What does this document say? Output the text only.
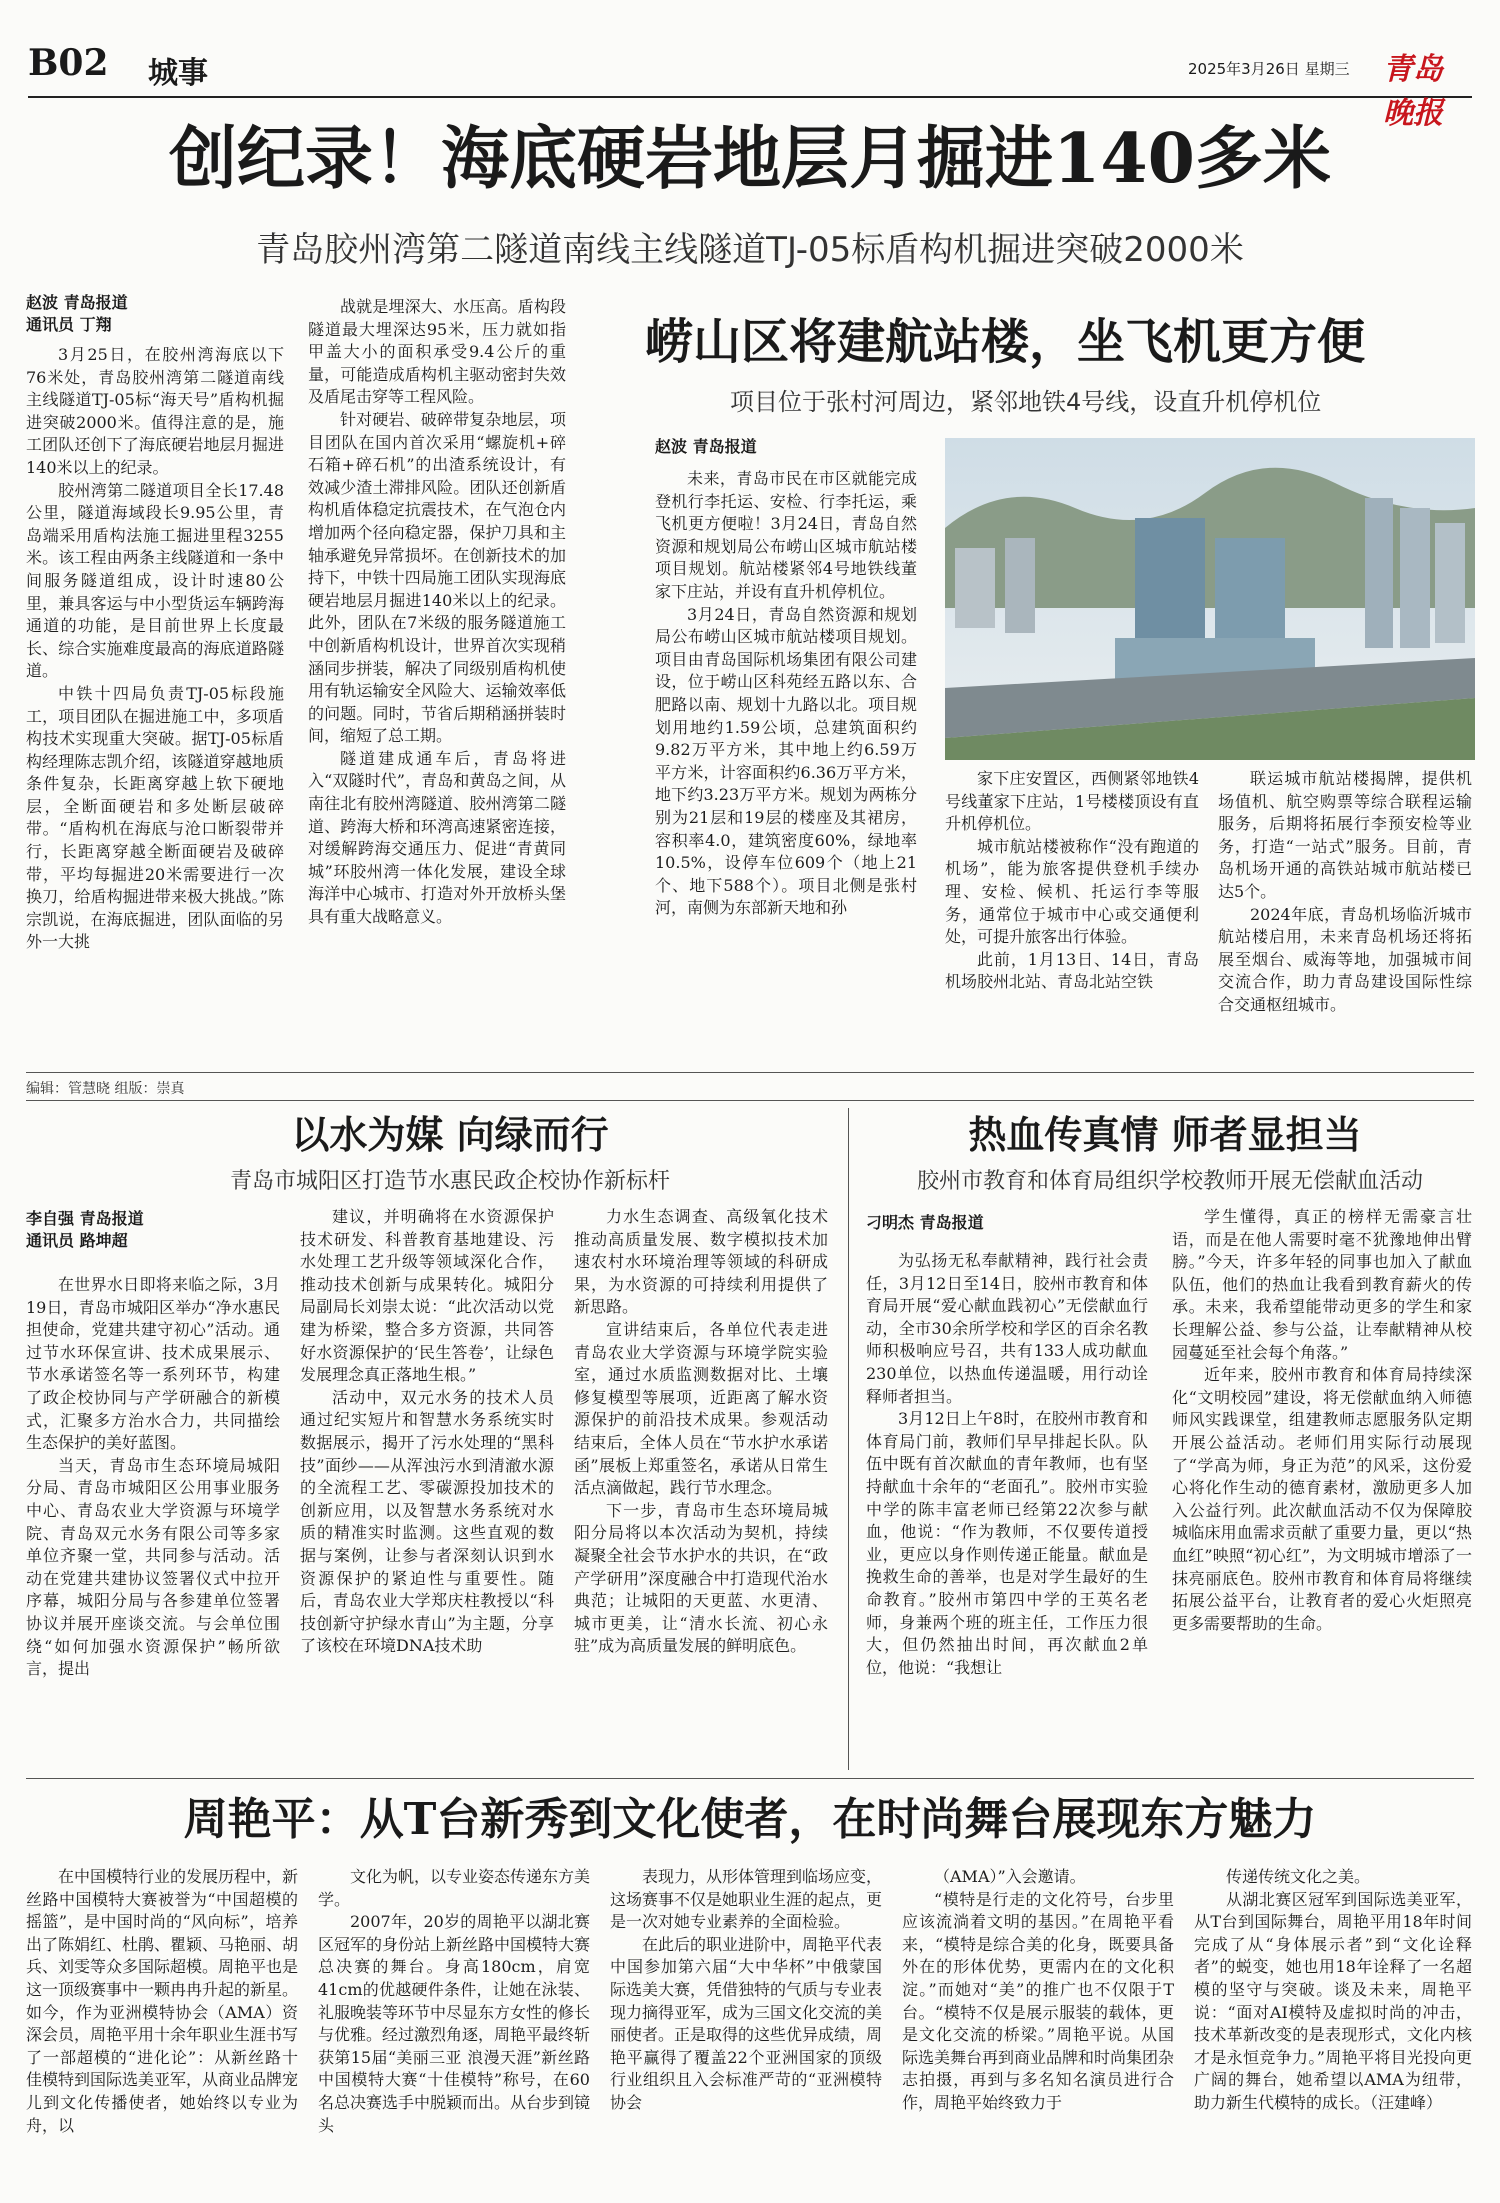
B02 城事	2025年3月26日 星期三 青岛晚报
创纪录！海底硬岩地层月掘进140多米
青岛胶州湾第二隧道南线主线隧道TJ-05标盾构机掘进突破2000米
赵波 青岛报道
通讯员 丁翔

3月25日，在胶州湾海底以下76米处，青岛胶州湾第二隧道南线主线隧道TJ-05标“海天号”盾构机掘进突破2000米。值得注意的是，施工团队还创下了海底硬岩地层月掘进140米以上的纪录。

胶州湾第二隧道项目全长17.48公里，隧道海域段长9.95公里，青岛端采用盾构法施工掘进里程3255米。该工程由两条主线隧道和一条中间服务隧道组成，设计时速80公里，兼具客运与中小型货运车辆跨海通道的功能，是目前世界上长度最长、综合实施难度最高的海底道路隧道。

中铁十四局负责TJ-05标段施工，项目团队在掘进施工中，多项盾构技术实现重大突破。据TJ-05标盾构经理陈志凯介绍，该隧道穿越地质条件复杂，长距离穿越上软下硬地层，全断面硬岩和多处断层破碎带。“盾构机在海底与沧口断裂带并行，长距离穿越全断面硬岩及破碎带，平均每掘进20米需要进行一次换刀，给盾构掘进带来极大挑战。”陈宗凯说，在海底掘进，团队面临的另外一大挑

战就是埋深大、水压高。盾构段隧道最大埋深达95米，压力就如指甲盖大小的面积承受9.4公斤的重量，可能造成盾构机主驱动密封失效及盾尾击穿等工程风险。

针对硬岩、破碎带复杂地层，项目团队在国内首次采用“螺旋机+碎石箱+碎石机”的出渣系统设计，有效减少渣土滞排风险。团队还创新盾构机盾体稳定抗震技术，在气泡仓内增加两个径向稳定器，保护刀具和主轴承避免异常损坏。在创新技术的加持下，中铁十四局施工团队实现海底硬岩地层月掘进140米以上的纪录。此外，团队在7米级的服务隧道施工中创新盾构机设计，世界首次实现稍涵同步拼装，解决了同级别盾构机使用有轨运输安全风险大、运输效率低的问题。同时，节省后期稍涵拼装时间，缩短了总工期。

隧道建成通车后，青岛将进入“双隧时代”，青岛和黄岛之间，从南往北有胶州湾隧道、胶州湾第二隧道、跨海大桥和环湾高速紧密连接，对缓解跨海交通压力、促进“青黄同城”环胶州湾一体化发展，建设全球海洋中心城市、打造对外开放桥头堡具有重大战略意义。

崂山区将建航站楼，坐飞机更方便
项目位于张村河周边，紧邻地铁4号线，设直升机停机位
赵波 青岛报道

未来，青岛市民在市区就能完成登机行李托运、安检、行李托运，乘飞机更方便啦！3月24日，青岛自然资源和规划局公布崂山区城市航站楼项目规划。航站楼紧邻4号地铁线董家下庄站，并设有直升机停机位。

3月24日，青岛自然资源和规划局公布崂山区城市航站楼项目规划。项目由青岛国际机场集团有限公司建设，位于崂山区科苑经五路以东、合肥路以南、规划十九路以北。项目规划用地约1.59公顷，总建筑面积约9.82万平方米，其中地上约6.59万平方米，计容面积约6.36万平方米，地下约3.23万平方米。规划为两栋分别为21层和19层的楼座及其裙房，容积率4.0，建筑密度60%，绿地率10.5%，设停车位609个（地上21个、地下588个）。项目北侧是张村河，南侧为东部新天地和孙

家下庄安置区，西侧紧邻地铁4号线董家下庄站，1号楼楼顶设有直升机停机位。

城市航站楼被称作“没有跑道的机场”，能为旅客提供登机手续办理、安检、候机、托运行李等服务，通常位于城市中心或交通便利处，可提升旅客出行体验。

此前，1月13日、14日，青岛机场胶州北站、青岛北站空铁

联运城市航站楼揭牌，提供机场值机、航空购票等综合联程运输服务，后期将拓展行李预安检等业务，打造“一站式”服务。目前，青岛机场开通的高铁站城市航站楼已达5个。

2024年底，青岛机场临沂城市航站楼启用，未来青岛机场还将拓展至烟台、威海等地，加强城市间交流合作，助力青岛建设国际性综合交通枢纽城市。

编辑：管慧晓 组版：崇真
以水为媒 向绿而行
青岛市城阳区打造节水惠民政企校协作新标杆
李自强 青岛报道
通讯员 路坤超

在世界水日即将来临之际，3月19日，青岛市城阳区举办“净水惠民担使命，党建共建守初心”活动。通过节水环保宣讲、技术成果展示、节水承诺签名等一系列环节，构建了政企校协同与产学研融合的新模式，汇聚多方治水合力，共同描绘生态保护的美好蓝图。

当天，青岛市生态环境局城阳分局、青岛市城阳区公用事业服务中心、青岛农业大学资源与环境学院、青岛双元水务有限公司等多家单位齐聚一堂，共同参与活动。活动在党建共建协议签署仪式中拉开序幕，城阳分局与各参建单位签署协议并展开座谈交流。与会单位围绕“如何加强水资源保护”畅所欲言，提出

建议，并明确将在水资源保护技术研发、科普教育基地建设、污水处理工艺升级等领域深化合作，推动技术创新与成果转化。城阳分局副局长刘崇太说：“此次活动以党建为桥梁，整合多方资源，共同答好水资源保护的‘民生答卷’，让绿色发展理念真正落地生根。”

活动中，双元水务的技术人员通过纪实短片和智慧水务系统实时数据展示，揭开了污水处理的“黑科技”面纱——从浑浊污水到清澈水源的全流程工艺、零碳源投加技术的创新应用，以及智慧水务系统对水质的精准实时监测。这些直观的数据与案例，让参与者深刻认识到水资源保护的紧迫性与重要性。随后，青岛农业大学郑庆柱教授以“科技创新守护绿水青山”为主题，分享了该校在环境DNA技术助

力水生态调查、高级氧化技术推动高质量发展、数字模拟技术加速农村水环境治理等领域的科研成果，为水资源的可持续利用提供了新思路。

宣讲结束后，各单位代表走进青岛农业大学资源与环境学院实验室，通过水质监测数据对比、土壤修复模型等展项，近距离了解水资源保护的前沿技术成果。参观活动结束后，全体人员在“节水护水承诺函”展板上郑重签名，承诺从日常生活点滴做起，践行节水理念。

下一步，青岛市生态环境局城阳分局将以本次活动为契机，持续凝聚全社会节水护水的共识，在“政产学研用”深度融合中打造现代治水典范；让城阳的天更蓝、水更清、城市更美，让“清水长流、初心永驻”成为高质量发展的鲜明底色。

热血传真情 师者显担当
胶州市教育和体育局组织学校教师开展无偿献血活动
刁明杰 青岛报道

为弘扬无私奉献精神，践行社会责任，3月12日至14日，胶州市教育和体育局开展“爱心献血践初心”无偿献血行动，全市30余所学校和学区的百余名教师积极响应号召，共有133人成功献血230单位，以热血传递温暖，用行动诠释师者担当。

3月12日上午8时，在胶州市教育和体育局门前，教师们早早排起长队。队伍中既有首次献血的青年教师，也有坚持献血十余年的“老面孔”。胶州市实验中学的陈丰富老师已经第22次参与献血，他说：“作为教师，不仅要传道授业，更应以身作则传递正能量。献血是挽救生命的善举，也是对学生最好的生命教育。”胶州市第四中学的王英名老师，身兼两个班的班主任，工作压力很大，但仍然抽出时间，再次献血2单位，他说：“我想让

学生懂得，真正的榜样无需豪言壮语，而是在他人需要时毫不犹豫地伸出臂膀。”今天，许多年轻的同事也加入了献血队伍，他们的热血让我看到教育薪火的传承。未来，我希望能带动更多的学生和家长理解公益、参与公益，让奉献精神从校园蔓延至社会每个角落。”

近年来，胶州市教育和体育局持续深化“文明校园”建设，将无偿献血纳入师德师风实践课堂，组建教师志愿服务队定期开展公益活动。老师们用实际行动展现了“学高为师，身正为范”的风采，这份爱心将化作生动的德育素材，激励更多人加入公益行列。此次献血活动不仅为保障胶城临床用血需求贡献了重要力量，更以“热血红”映照“初心红”，为文明城市增添了一抹亮丽底色。胶州市教育和体育局将继续拓展公益平台，让教育者的爱心火炬照亮更多需要帮助的生命。

周艳平：从T台新秀到文化使者，在时尚舞台展现东方魅力

在中国模特行业的发展历程中，新丝路中国模特大赛被誉为“中国超模的摇篮”，是中国时尚的“风向标”，培养出了陈娟红、杜鹃、瞿颖、马艳丽、胡兵、刘雯等众多国际超模。周艳平也是这一顶级赛事中一颗冉冉升起的新星。如今，作为亚洲模特协会（AMA）资深会员，周艳平用十余年职业生涯书写了一部超模的“进化论”：从新丝路十佳模特到国际选美亚军，从商业品牌宠儿到文化传播使者，她始终以专业为舟，以

文化为帆，以专业姿态传递东方美学。

2007年，20岁的周艳平以湖北赛区冠军的身份站上新丝路中国模特大赛总决赛的舞台。身高180cm，肩宽41cm的优越硬件条件，让她在泳装、礼服晚装等环节中尽显东方女性的修长与优雅。经过激烈角逐，周艳平最终斩获第15届“美丽三亚 浪漫天涯”新丝路中国模特大赛“十佳模特”称号，在60名总决赛选手中脱颖而出。从台步到镜头

表现力，从形体管理到临场应变，这场赛事不仅是她职业生涯的起点，更是一次对她专业素养的全面检验。

在此后的职业进阶中，周艳平代表中国参加第六届“大中华杯”中俄蒙国际选美大赛，凭借独特的气质与专业表现力摘得亚军，成为三国文化交流的美丽使者。正是取得的这些优异成绩，周艳平赢得了覆盖22个亚洲国家的顶级行业组织且入会标准严苛的“亚洲模特协会

（AMA）”入会邀请。

“模特是行走的文化符号，台步里应该流淌着文明的基因。”在周艳平看来，“模特是综合美的化身，既要具备外在的形体优势，更需内在的文化积淀。”而她对“美”的推广也不仅限于T台。“模特不仅是展示服装的载体，更是文化交流的桥梁。”周艳平说。从国际选美舞台再到商业品牌和时尚集团杂志拍摄，再到与多名知名演员进行合作，周艳平始终致力于

传递传统文化之美。

从湖北赛区冠军到国际选美亚军，从T台到国际舞台，周艳平用18年时间完成了从“身体展示者”到“文化诠释者”的蜕变，她也用18年诠释了一名超模的坚守与突破。谈及未来，周艳平说：“面对AI模特及虚拟时尚的冲击，技术革新改变的是表现形式，文化内核才是永恒竞争力。”周艳平将目光投向更广阔的舞台，她希望以AMA为纽带，助力新生代模特的成长。（汪建峰）
